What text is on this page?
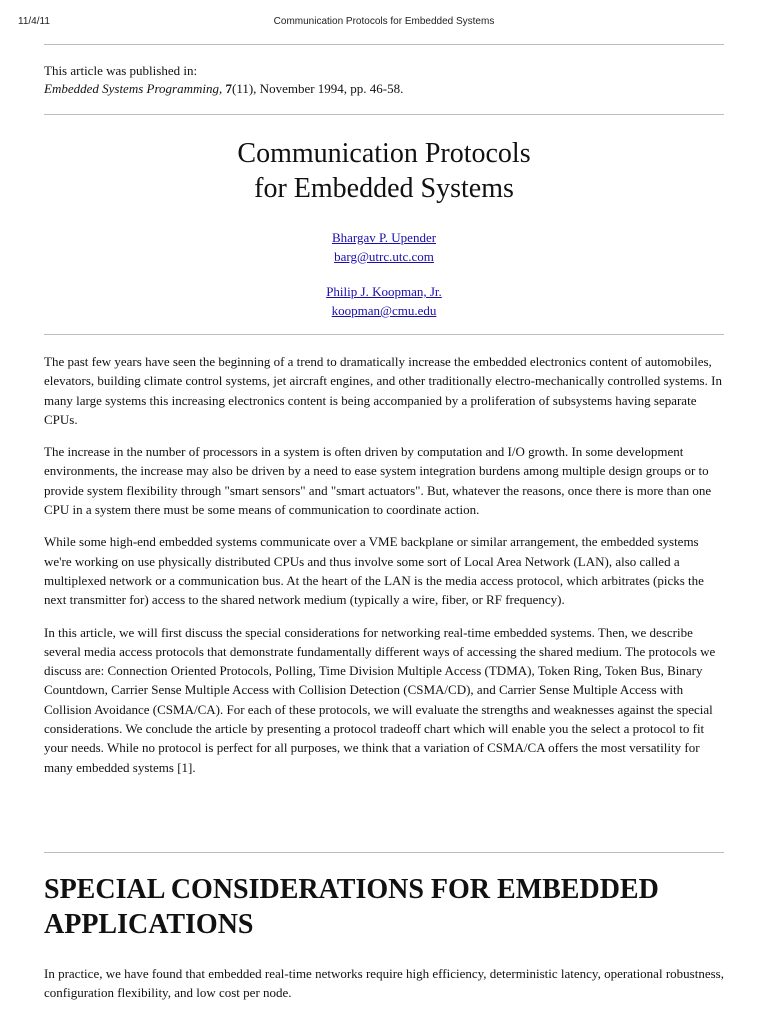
11/4/11	Communication Protocols for Embedded Systems
This article was published in:
Embedded Systems Programming, 7(11), November 1994, pp. 46-58.
Communication Protocols
for Embedded Systems
Bhargav P. Upender
barg@utrc.utc.com
Philip J. Koopman, Jr.
koopman@cmu.edu

The past few years have seen the beginning of a trend to dramatically increase the embedded electronics content of automobiles, elevators, building climate control systems, jet aircraft engines, and other traditionally electro-mechanically controlled systems. In many large systems this increasing electronics content is being accompanied by a proliferation of subsystems having separate CPUs.

The increase in the number of processors in a system is often driven by computation and I/O growth. In some development environments, the increase may also be driven by a need to ease system integration burdens among multiple design groups or to provide system flexibility through "smart sensors" and "smart actuators". But, whatever the reasons, once there is more than one CPU in a system there must be some means of communication to coordinate action.

While some high-end embedded systems communicate over a VME backplane or similar arrangement, the embedded systems we're working on use physically distributed CPUs and thus involve some sort of Local Area Network (LAN), also called a multiplexed network or a communication bus. At the heart of the LAN is the media access protocol, which arbitrates (picks the next transmitter for) access to the shared network medium (typically a wire, fiber, or RF frequency).

In this article, we will first discuss the special considerations for networking real-time embedded systems. Then, we describe several media access protocols that demonstrate fundamentally different ways of accessing the shared medium. The protocols we discuss are: Connection Oriented Protocols, Polling, Time Division Multiple Access (TDMA), Token Ring, Token Bus, Binary Countdown, Carrier Sense Multiple Access with Collision Detection (CSMA/CD), and Carrier Sense Multiple Access with Collision Avoidance (CSMA/CA). For each of these protocols, we will evaluate the strengths and weaknesses against the special considerations. We conclude the article by presenting a protocol tradeoff chart which will enable you the select a protocol to fit your needs. While no protocol is perfect for all purposes, we think that a variation of CSMA/CA offers the most versatility for many embedded systems [1].

SPECIAL CONSIDERATIONS FOR EMBEDDED APPLICATIONS

In practice, we have found that embedded real-time networks require high efficiency, deterministic latency, operational robustness, configuration flexibility, and low cost per node.
